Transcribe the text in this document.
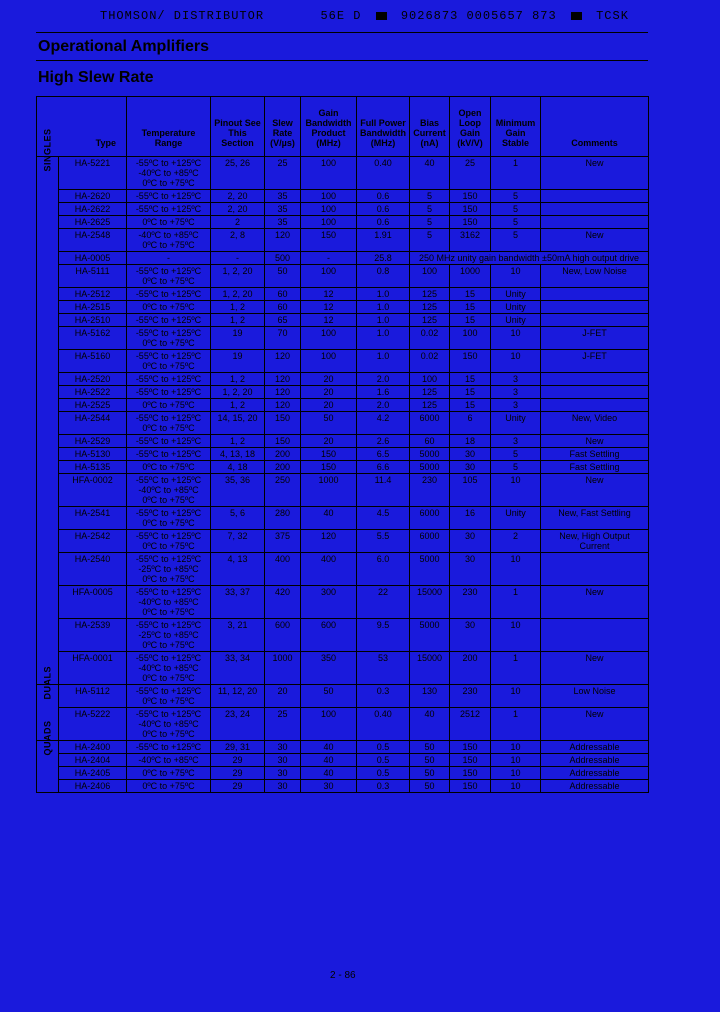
THOMSON/ DISTRIBUTOR	56E D	9026873 0005657 873	TCSK
Operational Amplifiers
High Slew Rate
Type		Temperature Range	Pinout See This Section	Slew Rate (V/µs)	Gain Bandwidth Product (MHz)	Full Power Bandwidth (MHz)	Bias Current (nA)	Open Loop Gain (kV/V)	Minimum Gain Stable	Comments

SINGLES	HA-5221	-55ºC to +125ºC
-40ºC to +85ºC
0ºC to +75ºC	25, 26	25	100	0.40	40	25	1	New
	HA-2620	-55ºC to +125ºC	2, 20	35	100	0.6	5	150	5	
	HA-2622	-55ºC to +125ºC	2, 20	35	100	0.6	5	150	5	
	HA-2625	0ºC to +75ºC	2	35	100	0.6	5	150	5	
	HA-2548	-40ºC to +85ºC
0ºC to +75ºC	2, 8	120	150	1.91	5	3162	5	New
	HA-0005	-	-	500	-	25.8	250 MHz unity gain bandwidth ±50mA high output drive			
	HA-5111	-55ºC to +125ºC
0ºC to +75ºC	1, 2, 20	50	100	0.8	100	1000	10	New, Low Noise
	HA-2512	-55ºC to +125ºC	1, 2, 20	60	12	1.0	125	15	Unity	
	HA-2515	0ºC to +75ºC	1, 2	60	12	1.0	125	15	Unity	
	HA-2510	-55ºC to +125ºC	1, 2	65	12	1.0	125	15	Unity	
	HA-5162	-55ºC to +125ºC
0ºC to +75ºC	19	70	100	1.0	0.02	100	10	J-FET
	HA-5160	-55ºC to +125ºC
0ºC to +75ºC	19	120	100	1.0	0.02	150	10	J-FET
	HA-2520	-55ºC to +125ºC	1, 2	120	20	2.0	100	15	3	
	HA-2522	-55ºC to +125ºC	1, 2, 20	120	20	1.6	125	15	3	
	HA-2525	0ºC to +75ºC	1, 2	120	20	2.0	125	15	3	
	HA-2544	-55ºC to +125ºC
0ºC to +75ºC	14, 15, 20	150	50	4.2	6000	6	Unity	New, Video
	HA-2529	-55ºC to +125ºC	1, 2	150	20	2.6	60	18	3	New
	HA-5130	-55ºC to +125ºC	4, 13, 18	200	150	6.5	5000	30	5	Fast Settling
	HA-5135	0ºC to +75ºC	4, 18	200	150	6.6	5000	30	5	Fast Settling
	HFA-0002	-55ºC to +125ºC
-40ºC to +85ºC
0ºC to +75ºC	35, 36	250	1000	11.4	230	105	10	New
	HA-2541	-55ºC to +125ºC
0ºC to +75ºC	5, 6	280	40	4.5	6000	16	Unity	New, Fast Settling
	HA-2542	-55ºC to +125ºC
0ºC to +75ºC	7, 32	375	120	5.5	6000	30	2	New, High Output Current
	HA-2540	-55ºC to +125ºC
-25ºC to +85ºC
0ºC to +75ºC	4, 13	400	400	6.0	5000	30	10	
	HFA-0005	-55ºC to +125ºC
-40ºC to +85ºC
0ºC to +75ºC	33, 37	420	300	22	15000	230	1	New
	HA-2539	-55ºC to +125ºC
-25ºC to +85ºC
0ºC to +75ºC	3, 21	600	600	9.5	5000	30	10	
	HFA-0001	-55ºC to +125ºC
-40ºC to +85ºC
0ºC to +75ºC	33, 34	1000	350	53	15000	200	1	New

DUALS	HA-5112	-55ºC to +125ºC
0ºC to +75ºC	11, 12, 20	20	50	0.3	130	230	10	Low Noise
	HA-5222	-55ºC to +125ºC
-40ºC to +85ºC
0ºC to +75ºC	23, 24	25	100	0.40	40	2512	1	New

QUADS	HA-2400	-55ºC to +125ºC	29, 31	30	40	0.5	50	150	10	Addressable
	HA-2404	-40ºC to +85ºC	29	30	40	0.5	50	150	10	Addressable
	HA-2405	0ºC to +75ºC	29	30	40	0.5	50	150	10	Addressable
	HA-2406	0ºC to +75ºC	29	30	30	0.3	50	150	10	Addressable
2 - 86
